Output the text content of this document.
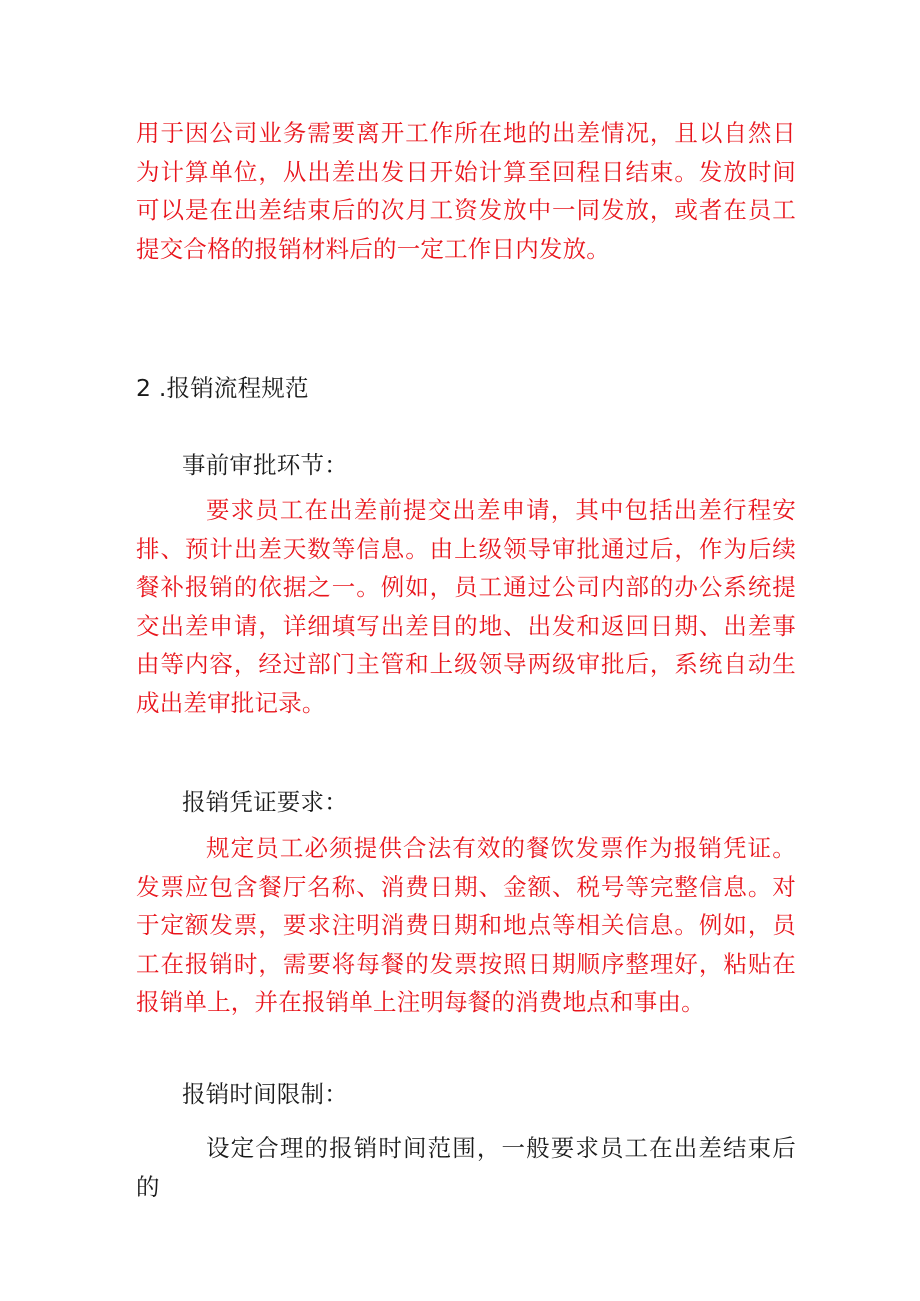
用于因公司业务需要离开工作所在地的出差情况，且以自然日为计算单位，从出差出发日开始计算至回程日结束。发放时间可以是在出差结束后的次月工资发放中一同发放，或者在员工提交合格的报销材料后的一定工作日内发放。
2 .报销流程规范
事前审批环节：
要求员工在出差前提交出差申请，其中包括出差行程安排、预计出差天数等信息。由上级领导审批通过后，作为后续餐补报销的依据之一。例如，员工通过公司内部的办公系统提交出差申请，详细填写出差目的地、出发和返回日期、出差事由等内容，经过部门主管和上级领导两级审批后，系统自动生成出差审批记录。
报销凭证要求：
规定员工必须提供合法有效的餐饮发票作为报销凭证。发票应包含餐厅名称、消费日期、金额、税号等完整信息。对于定额发票，要求注明消费日期和地点等相关信息。例如，员工在报销时，需要将每餐的发票按照日期顺序整理好，粘贴在报销单上，并在报销单上注明每餐的消费地点和事由。
报销时间限制：
设定合理的报销时间范围，一般要求员工在出差结束后的
